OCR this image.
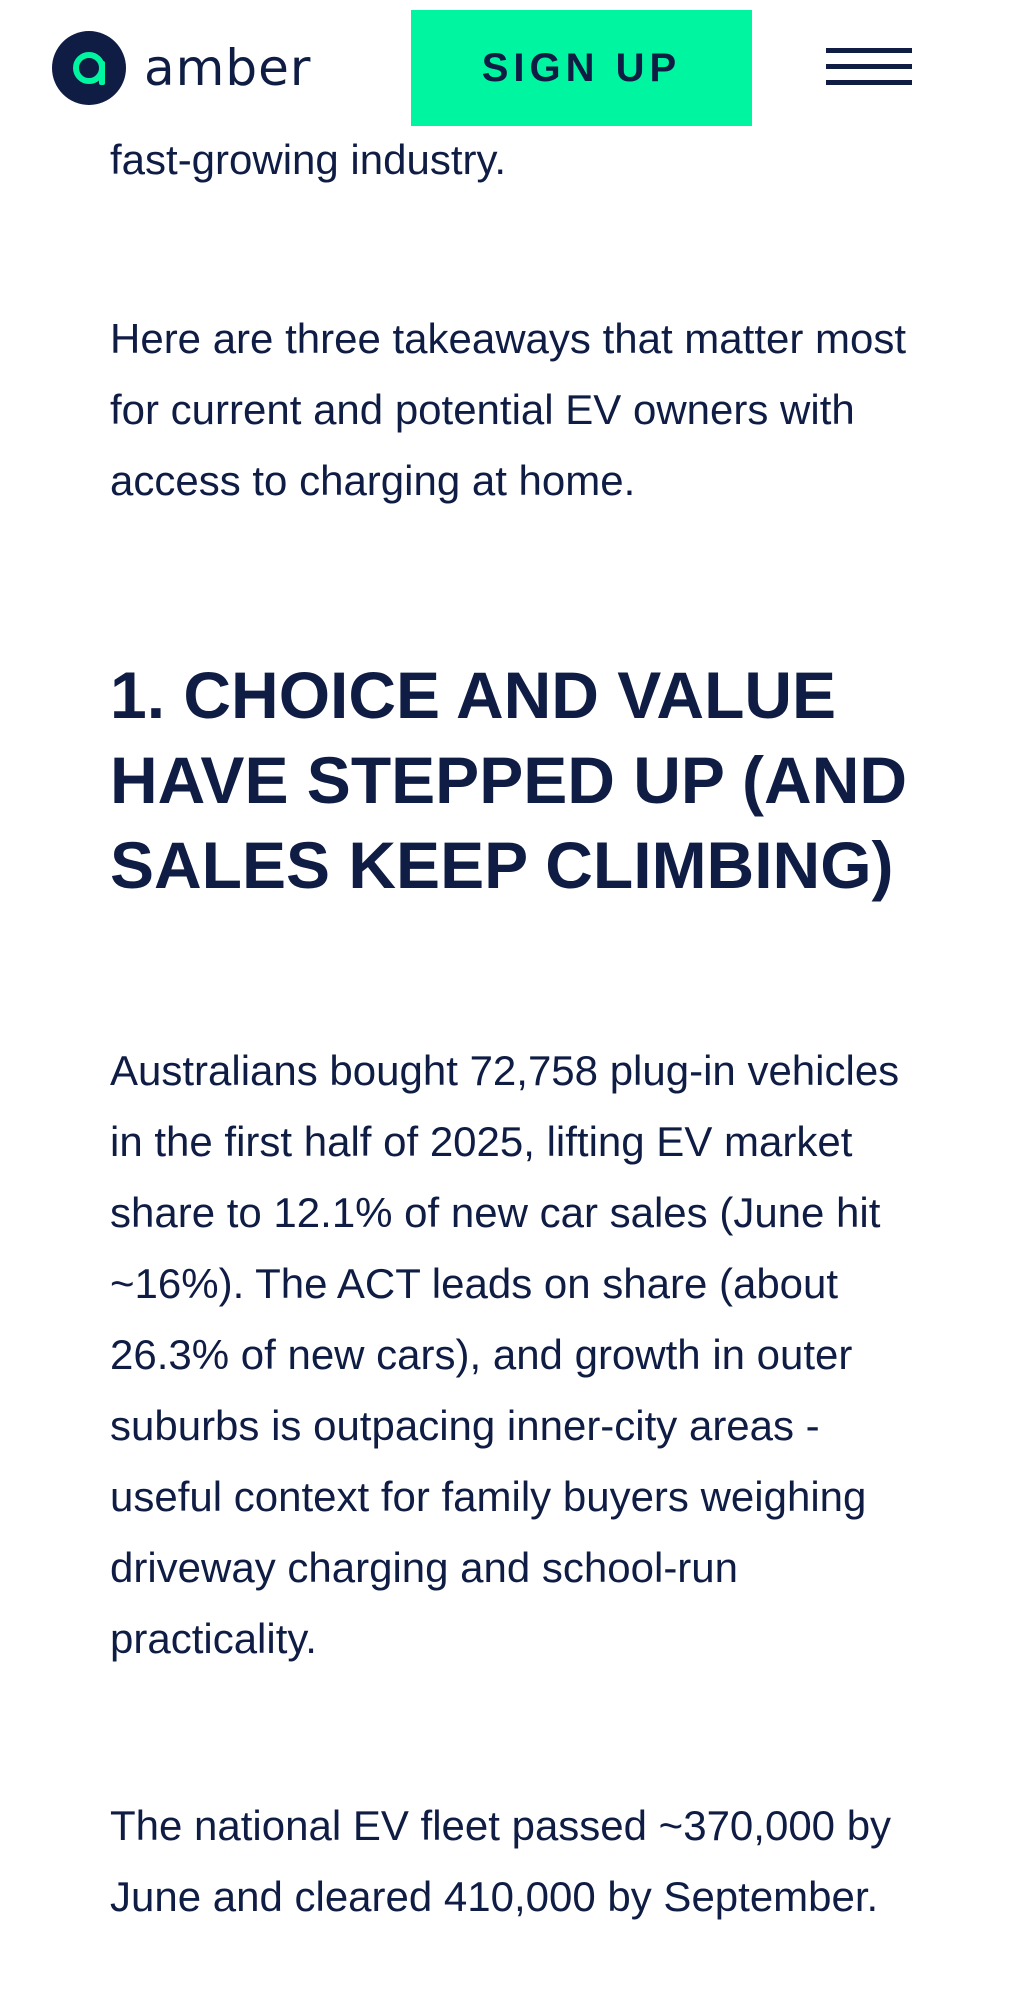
fast-growing industry.

Here are three takeaways that matter most for current and potential EV owners with access to charging at home.

1. CHOICE AND VALUE HAVE STEPPED UP (AND SALES KEEP CLIMBING)

Australians bought 72,758 plug-in vehicles in the first half of 2025, lifting EV market share to 12.1% of new car sales (June hit ~16%). The ACT leads on share (about 26.3% of new cars), and growth in outer suburbs is outpacing inner-city areas - useful context for family buyers weighing driveway charging and school-run practicality.

The national EV fleet passed ~370,000 by June and cleared 410,000 by September.

amber	SIGN UP
